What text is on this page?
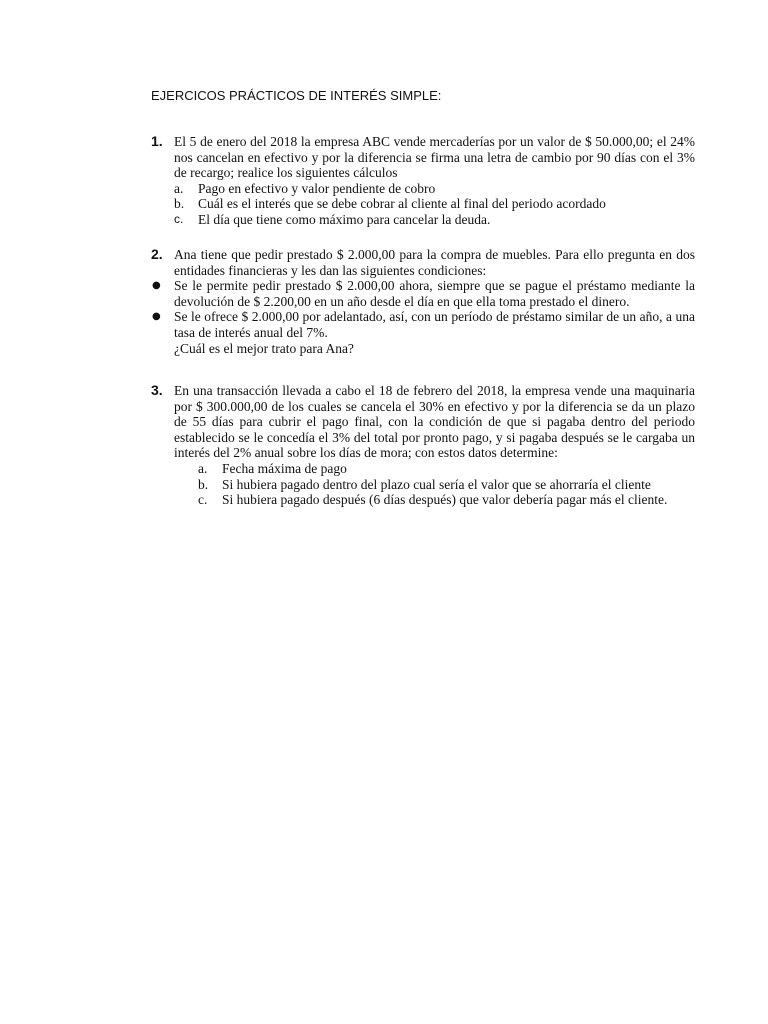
EJERCICOS PRÁCTICOS DE INTERÉS SIMPLE:
1. El 5 de enero del 2018 la empresa ABC vende mercaderías por un valor de $ 50.000,00; el 24% nos cancelan en efectivo y por la diferencia se firma una letra de cambio por 90 días con el 3% de recargo; realice los siguientes cálculos
a. Pago en efectivo y valor pendiente de cobro
b. Cuál es el interés que se debe cobrar al cliente al final del periodo acordado
c. El día que tiene como máximo para cancelar la deuda.
2. Ana tiene que pedir prestado $ 2.000,00 para la compra de muebles. Para ello pregunta en dos entidades financieras y les dan las siguientes condiciones:
● Se le permite pedir prestado $ 2.000,00 ahora, siempre que se pague el préstamo mediante la devolución de $ 2.200,00 en un año desde el día en que ella toma prestado el dinero.
● Se le ofrece $ 2.000,00 por adelantado, así, con un período de préstamo similar de un año, a una tasa de interés anual del 7%.
¿Cuál es el mejor trato para Ana?
3. En una transacción llevada a cabo el 18 de febrero del 2018, la empresa vende una maquinaria por $ 300.000,00 de los cuales se cancela el 30% en efectivo y por la diferencia se da un plazo de 55 días para cubrir el pago final, con la condición de que si pagaba dentro del periodo establecido se le concedía el 3% del total por pronto pago, y si pagaba después se le cargaba un interés del 2% anual sobre los días de mora; con estos datos determine:
a. Fecha máxima de pago
b. Si hubiera pagado dentro del plazo cual sería el valor que se ahorraría el cliente
c. Si hubiera pagado después (6 días después) que valor debería pagar más el cliente.
